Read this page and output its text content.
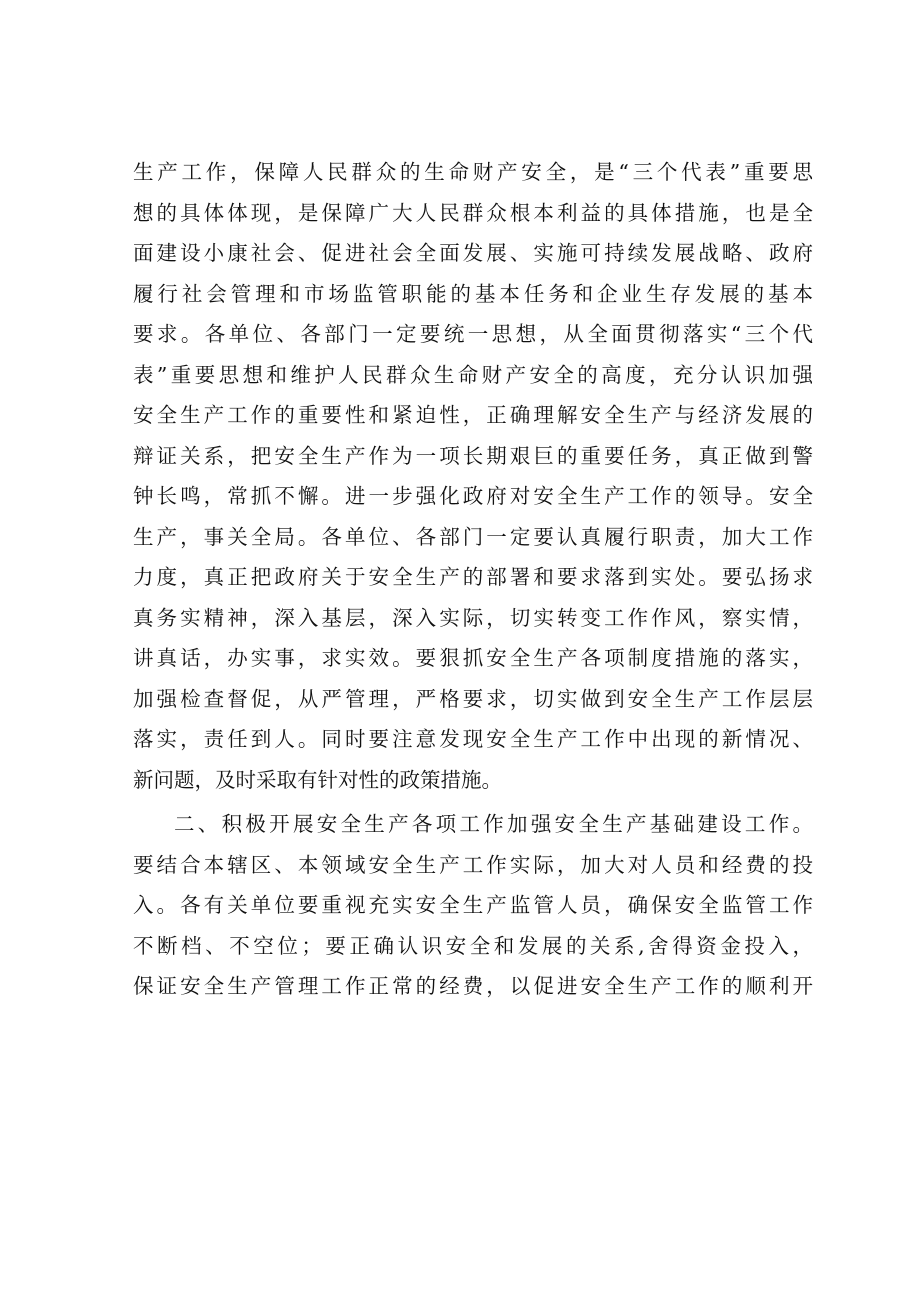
生产工作，保障人民群众的生命财产安全，是“三个代表”重要思
想的具体体现，是保障广大人民群众根本利益的具体措施，也是全
面建设小康社会、促进社会全面发展、实施可持续发展战略、政府
履行社会管理和市场监管职能的基本任务和企业生存发展的基本
要求。各单位、各部门一定要统一思想，从全面贯彻落实“三个代
表”重要思想和维护人民群众生命财产安全的高度，充分认识加强
安全生产工作的重要性和紧迫性，正确理解安全生产与经济发展的
辩证关系，把安全生产作为一项长期艰巨的重要任务，真正做到警
钟长鸣，常抓不懈。进一步强化政府对安全生产工作的领导。安全
生产，事关全局。各单位、各部门一定要认真履行职责，加大工作
力度，真正把政府关于安全生产的部署和要求落到实处。要弘扬求
真务实精神，深入基层，深入实际，切实转变工作作风，察实情，
讲真话，办实事，求实效。要狠抓安全生产各项制度措施的落实，
加强检查督促，从严管理，严格要求，切实做到安全生产工作层层
落实，责任到人。同时要注意发现安全生产工作中出现的新情况、
新问题，及时采取有针对性的政策措施。
二、积极开展安全生产各项工作加强安全生产基础建设工作。
要结合本辖区、本领域安全生产工作实际，加大对人员和经费的投
入。各有关单位要重视充实安全生产监管人员，确保安全监管工作
不断档、不空位；要正确认识安全和发展的关系,舍得资金投入，
保证安全生产管理工作正常的经费，以促进安全生产工作的顺利开
